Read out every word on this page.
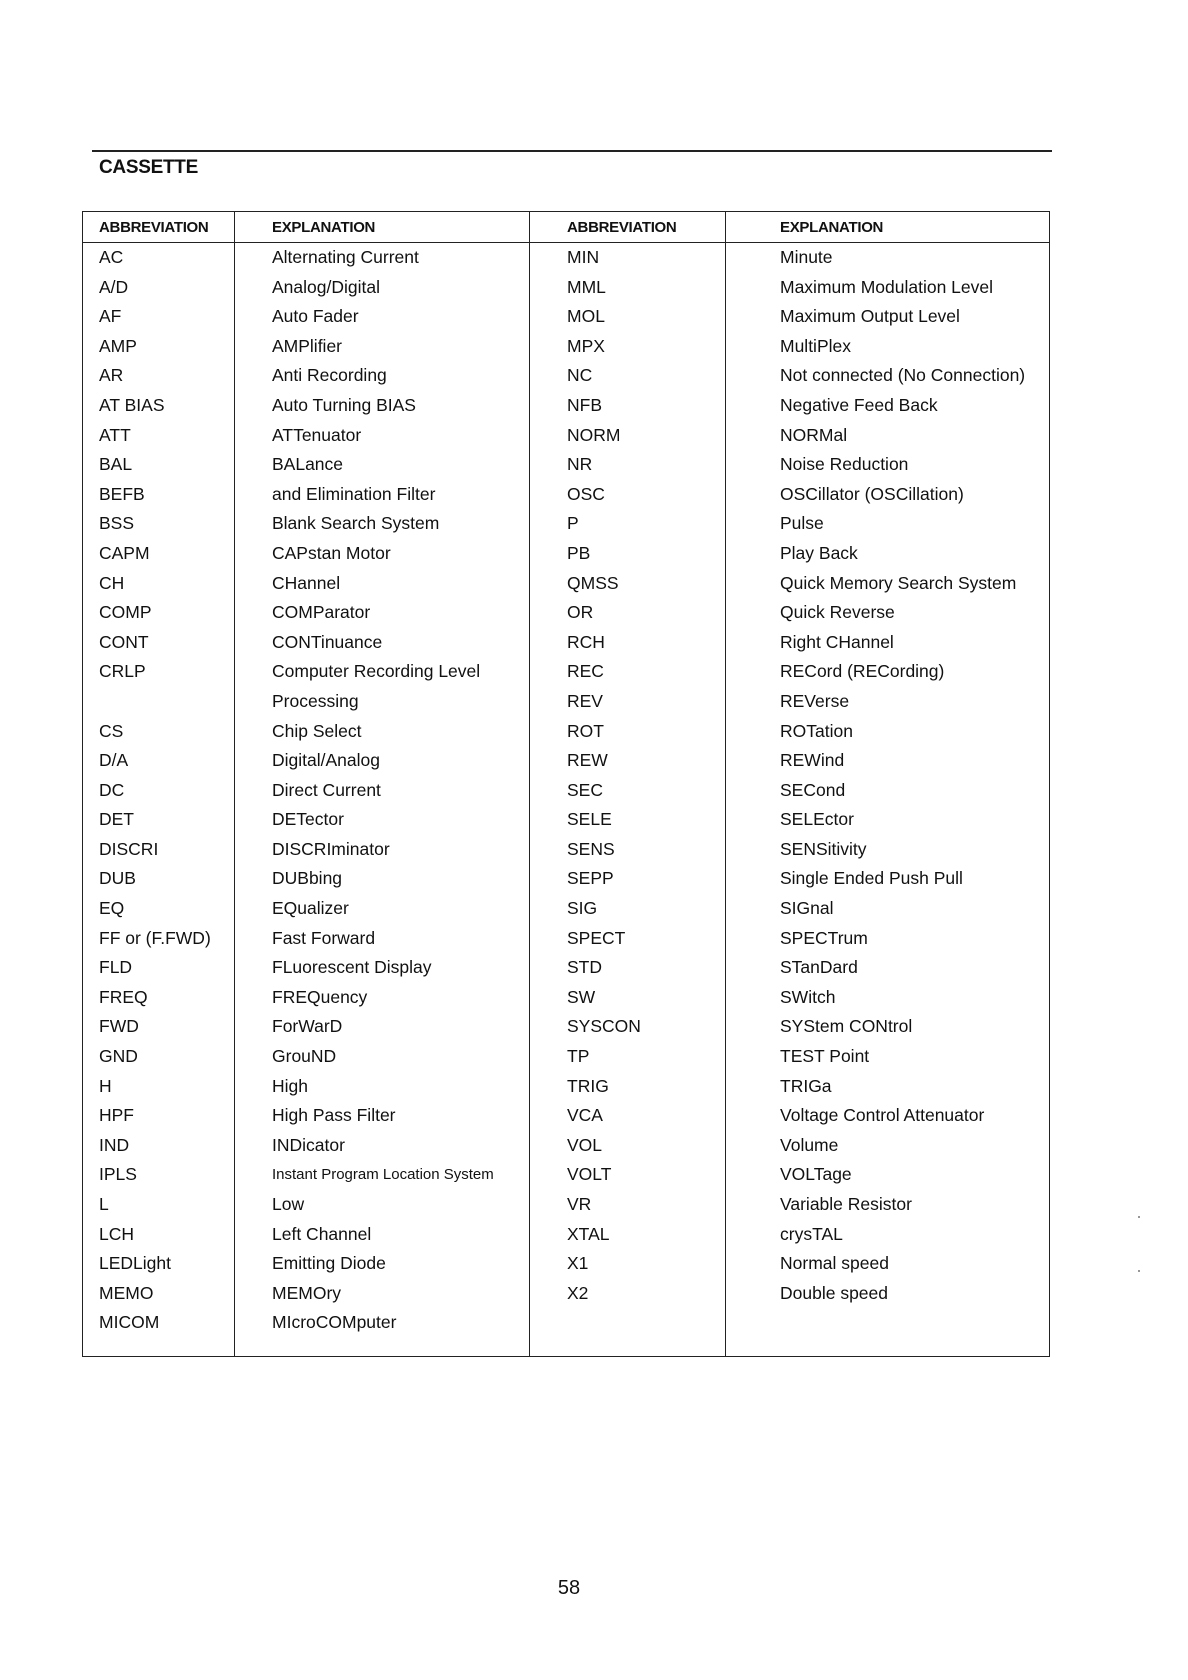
CASSETTE
ABBREVIATION
AC
A/D
AF
AMP
AR
AT BIAS
ATT
BAL
BEFB
BSS
CAPM
CH
COMP
CONT
CRLP
CS
D/A
DC
DET
DISCRI
DUB
EQ
FF or (F.FWD)
FLD
FREQ
FWD
GND
H
HPF
IND
IPLS
L
LCH
LEDLight
MEMO
MICOM
EXPLANATION
Alternating Current
Analog/Digital
Auto Fader
AMPlifier
Anti Recording
Auto Turning BIAS
ATTenuator
BALance
and Elimination Filter
Blank Search System
CAPstan Motor
CHannel
COMParator
CONTinuance
Computer Recording Level
Processing
Chip Select
Digital/Analog
Direct Current
DETector
DISCRIminator
DUBbing
EQualizer
Fast Forward
FLuorescent Display
FREQuency
ForWarD
GrouND
High
High Pass Filter
INDicator
Instant Program Location System
Low
Left Channel
Emitting Diode
MEMOry
MIcroCOMputer
ABBREVIATION
MIN
MML
MOL
MPX
NC
NFB
NORM
NR
OSC
P
PB
QMSS
OR
RCH
REC
REV
ROT
REW
SEC
SELE
SENS
SEPP
SIG
SPECT
STD
SW
SYSCON
TP
TRIG
VCA
VOL
VOLT
VR
XTAL
X1
X2
EXPLANATION
Minute
Maximum Modulation Level
Maximum Output Level
MultiPlex
Not connected (No Connection)
Negative Feed Back
NORMal
Noise Reduction
OSCillator (OSCillation)
Pulse
Play Back
Quick Memory Search System
Quick Reverse
Right CHannel
RECord (RECording)
REVerse
ROTation
REWind
SECond
SELEctor
SENSitivity
Single Ended Push Pull
SIGnal
SPECTrum
STanDard
SWitch
SYStem CONtrol
TEST Point
TRIGa
Voltage Control Attenuator
Volume
VOLTage
Variable Resistor
crysTAL
Normal speed
Double speed
58
